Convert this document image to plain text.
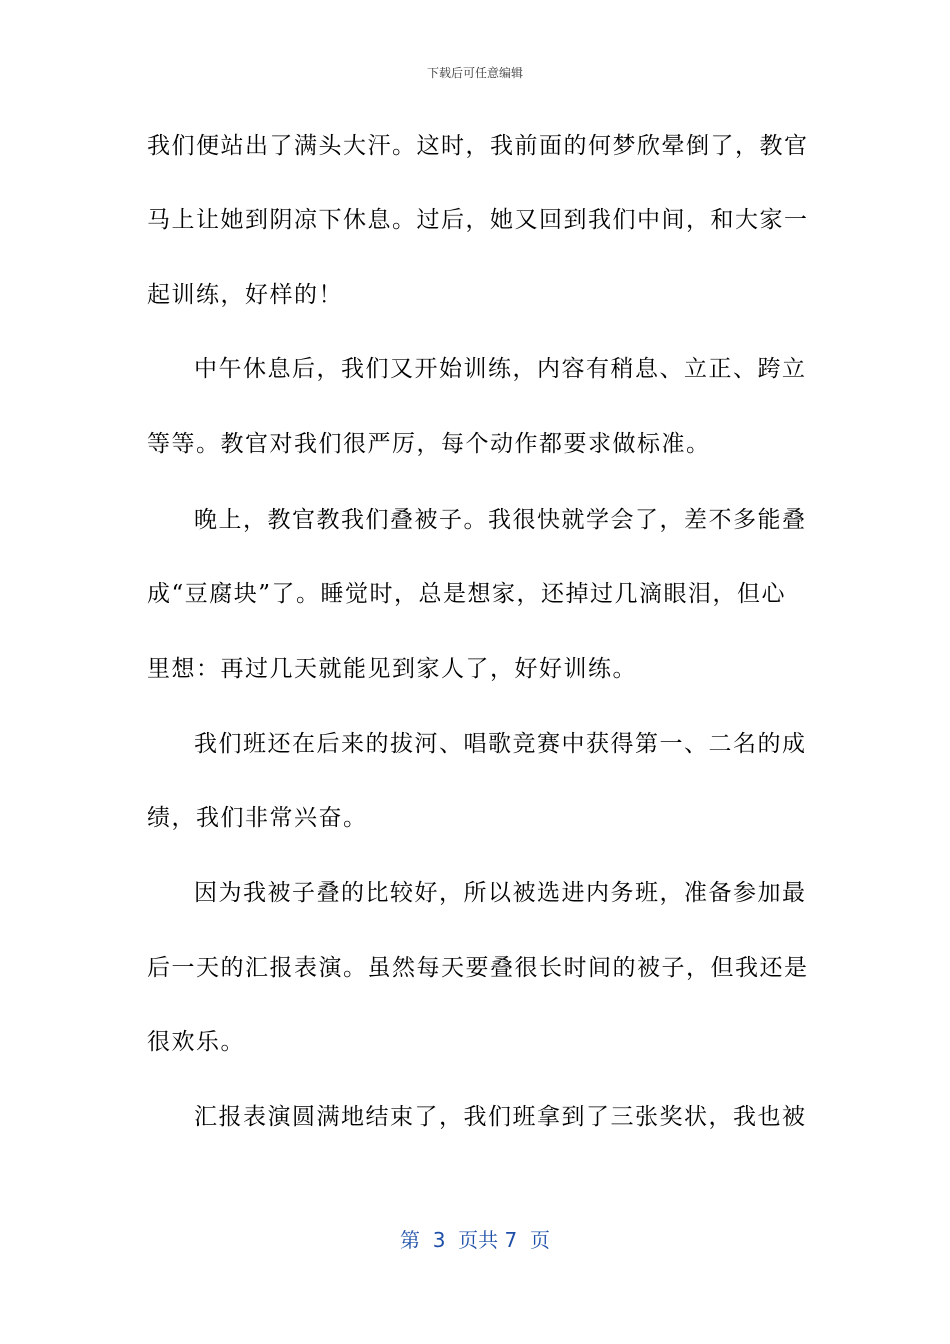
下载后可任意编辑
我们便站出了满头大汗。这时，我前面的何梦欣晕倒了，教官
马上让她到阴凉下休息。过后，她又回到我们中间，和大家一
起训练，好样的！
中午休息后，我们又开始训练，内容有稍息、立正、跨立
等等。教官对我们很严厉，每个动作都要求做标准。
晚上，教官教我们叠被子。我很快就学会了，差不多能叠
成“豆腐块”了。睡觉时，总是想家，还掉过几滴眼泪，但心
里想：再过几天就能见到家人了，好好训练。
我们班还在后来的拔河、唱歌竞赛中获得第一、二名的成
绩，我们非常兴奋。
因为我被子叠的比较好，所以被选进内务班，准备参加最
后一天的汇报表演。虽然每天要叠很长时间的被子，但我还是
很欢乐。
汇报表演圆满地结束了，我们班拿到了三张奖状，我也被
第  3  页共 7  页
